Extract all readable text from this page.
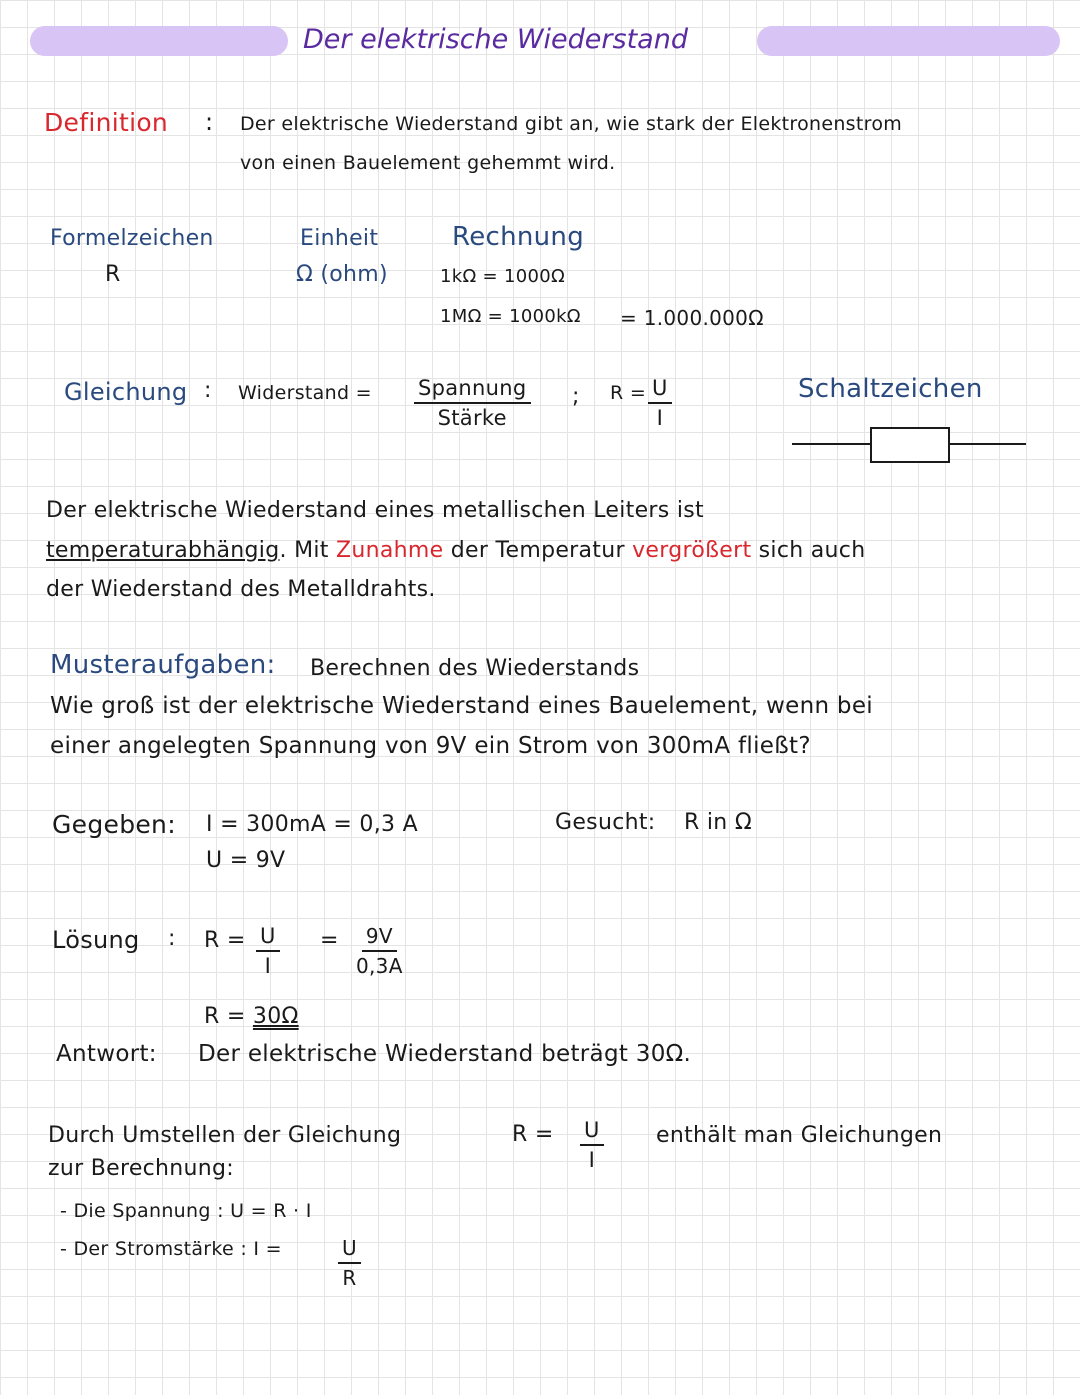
Der elektrische Wiederstand
Definition : Der elektrische Wiederstand gibt an, wie stark der Elektronenstrom
von einen Bauelement gehemmt wird.
Formelzeichen
R
Einheit
Ω (ohm)
Rechnung
1kΩ = 1000Ω
1MΩ = 1000kΩ = 1.000.000Ω
Gleichung : Widerstand = Spannung
Stärke
; $R = \frac{U}{I}$	Schaltzeichen
Der elektrische Wiederstand eines metallischen Leiters ist
temperaturabhängig. Mit Zunahme der Temperatur vergrößert sich auch
der Wiederstand des Metalldrahts.
Musteraufgaben: Berechnen des Wiederstands
Wie groß ist der elektrische Wiederstand eines Bauelement, wenn bei
einer angelegten Spannung von 9V ein Strom von 300mA fließt?
Gegeben: I = 300mA = 0,3 A
U = 9V
Gesucht: R in Ω
Lösung : $R = \frac{U}{I} = \frac{9V}{0,3A}$
R = 30Ω
Antwort: Der elektrische Wiederstand beträgt 30Ω.
Durch Umstellen der Gleichung	$R = \frac{U}{I}$ enthält man Gleichungen
zur Berechnung:
- Die Spannung : U = R · I
- Der Stromstärke : I =	$\frac{U}{R}$
